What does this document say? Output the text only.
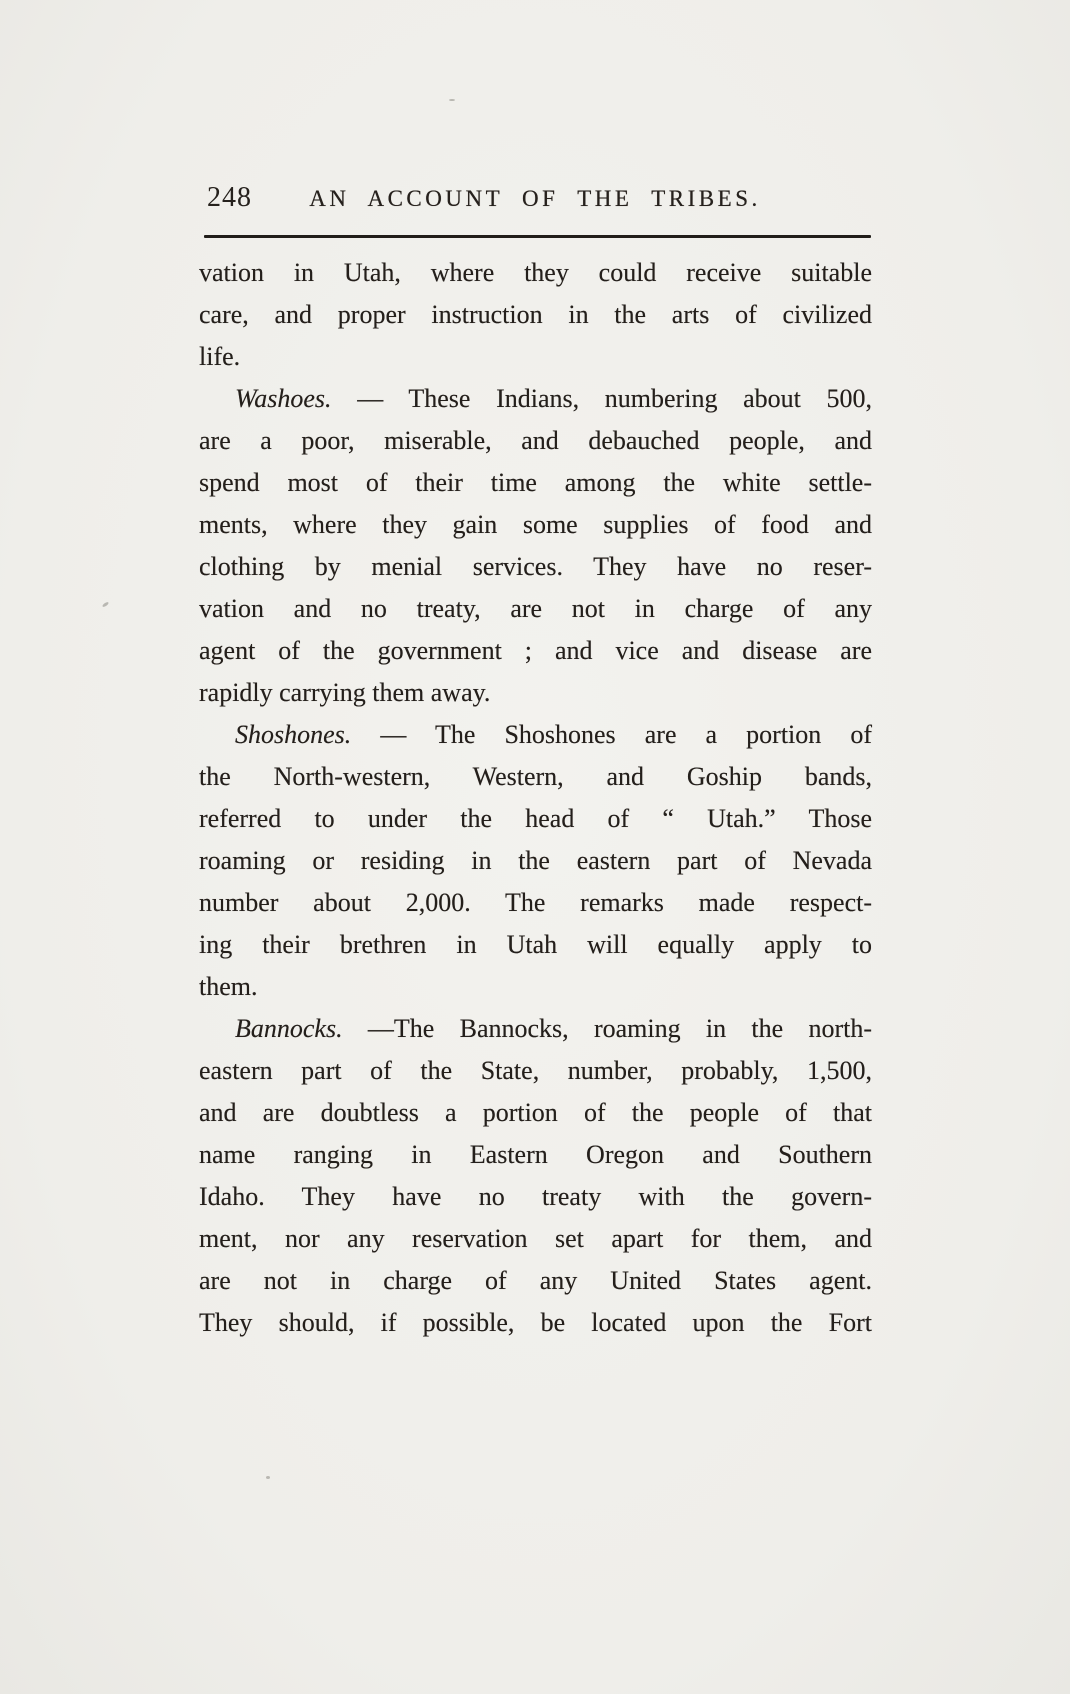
248	AN ACCOUNT OF THE TRIBES.
vation in Utah, where they could receive suitable
care, and proper instruction in the arts of civilized
life.
Washoes. — These Indians, numbering about 500,
are a poor, miserable, and debauched people, and
spend most of their time among the white settle-
ments, where they gain some supplies of food and
clothing by menial services. They have no reser-
vation and no treaty, are not in charge of any
agent of the government ; and vice and disease are
rapidly carrying them away.
Shoshones. — The Shoshones are a portion of
the North-western, Western, and Goship bands,
referred to under the head of “ Utah.” Those
roaming or residing in the eastern part of Nevada
number about 2,000. The remarks made respect-
ing their brethren in Utah will equally apply to
them.
Bannocks. —The Bannocks, roaming in the north-
eastern part of the State, number, probably, 1,500,
and are doubtless a portion of the people of that
name ranging in Eastern Oregon and Southern
Idaho. They have no treaty with the govern-
ment, nor any reservation set apart for them, and
are not in charge of any United States agent.
They should, if possible, be located upon the Fort
